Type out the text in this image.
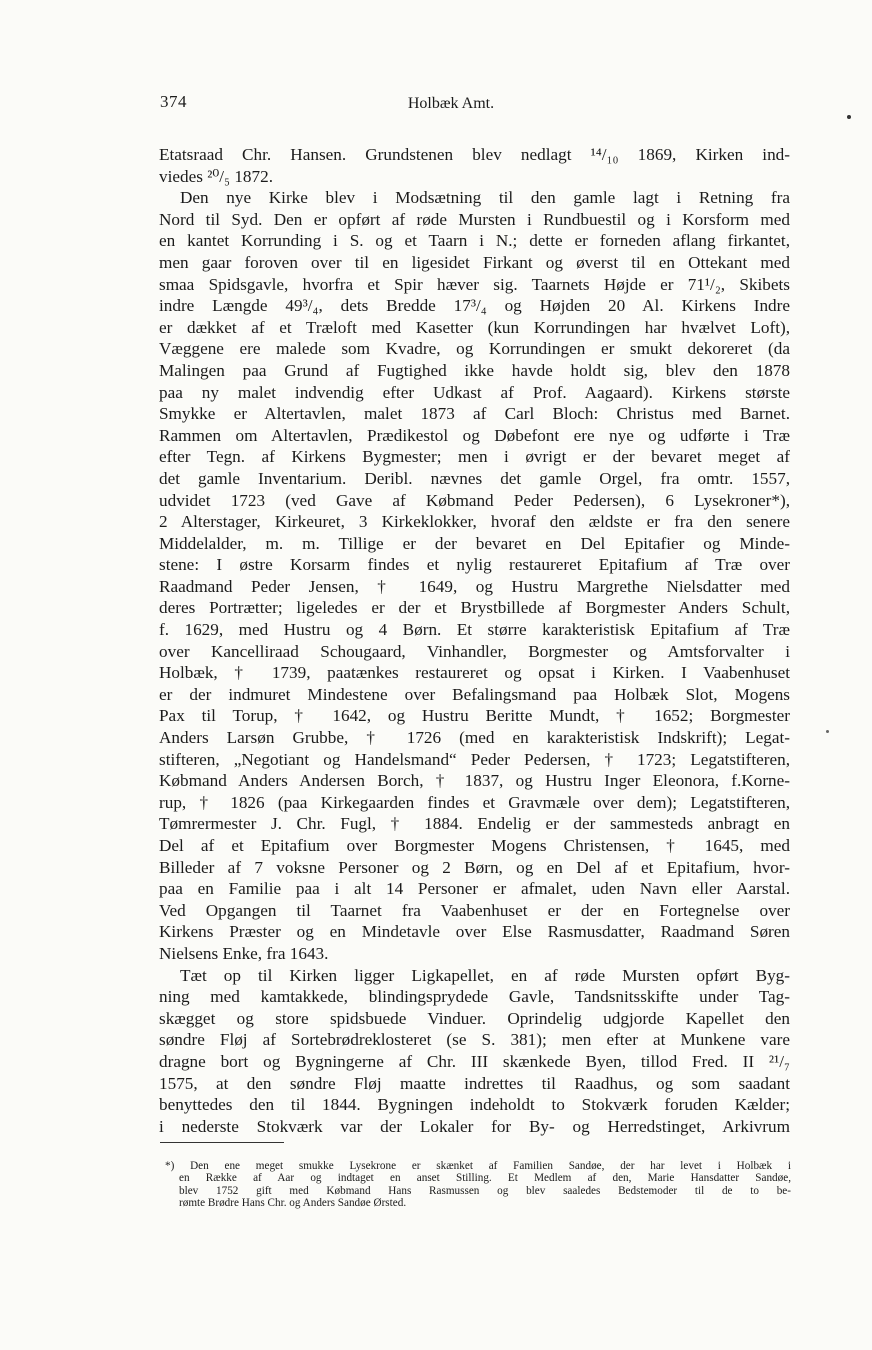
374	Holbæk Amt.
Etatsraad Chr. Hansen. Grundstenen blev nedlagt ¹⁴/₁₀ 1869, Kirken ind-
viedes ²⁰/₅ 1872.
Den nye Kirke blev i Modsætning til den gamle lagt i Retning fra
Nord til Syd. Den er opført af røde Mursten i Rundbuestil og i Korsform med
en kantet Korrunding i S. og et Taarn i N.; dette er forneden aflang firkantet,
men gaar foroven over til en ligesidet Firkant og øverst til en Ottekant med
smaa Spidsgavle, hvorfra et Spir hæver sig. Taarnets Højde er 71¹/₂, Skibets
indre Længde 49³/₄, dets Bredde 17³/₄ og Højden 20 Al. Kirkens Indre
er dækket af et Træloft med Kasetter (kun Korrundingen har hvælvet Loft),
Væggene ere malede som Kvadre, og Korrundingen er smukt dekoreret (da
Malingen paa Grund af Fugtighed ikke havde holdt sig, blev den 1878
paa ny malet indvendig efter Udkast af Prof. Aagaard). Kirkens største
Smykke er Altertavlen, malet 1873 af Carl Bloch: Christus med Barnet.
Rammen om Altertavlen, Prædikestol og Døbefont ere nye og udførte i Træ
efter Tegn. af Kirkens Bygmester; men i øvrigt er der bevaret meget af
det gamle Inventarium. Deribl. nævnes det gamle Orgel, fra omtr. 1557,
udvidet 1723 (ved Gave af Købmand Peder Pedersen), 6 Lysekroner*),
2 Alterstager, Kirkeuret, 3 Kirkeklokker, hvoraf den ældste er fra den senere
Middelalder, m. m. Tillige er der bevaret en Del Epitafier og Minde-
stene: I østre Korsarm findes et nylig restaureret Epitafium af Træ over
Raadmand Peder Jensen, † 1649, og Hustru Margrethe Nielsdatter med
deres Portrætter; ligeledes er der et Brystbillede af Borgmester Anders Schult,
f. 1629, med Hustru og 4 Børn. Et større karakteristisk Epitafium af Træ
over Kancelliraad Schougaard, Vinhandler, Borgmester og Amtsforvalter i
Holbæk, † 1739, paatænkes restaureret og opsat i Kirken. I Vaabenhuset
er der indmuret Mindestene over Befalingsmand paa Holbæk Slot, Mogens
Pax til Torup, † 1642, og Hustru Beritte Mundt, † 1652; Borgmester
Anders Larsøn Grubbe, † 1726 (med en karakteristisk Indskrift); Legat-
stifteren, „Negotiant og Handelsmand“ Peder Pedersen, † 1723; Legatstifteren,
Købmand Anders Andersen Borch, † 1837, og Hustru Inger Eleonora, f.Korne-
rup, † 1826 (paa Kirkegaarden findes et Gravmæle over dem); Legatstifteren,
Tømrermester J. Chr. Fugl, † 1884. Endelig er der sammesteds anbragt en
Del af et Epitafium over Borgmester Mogens Christensen, † 1645, med
Billeder af 7 voksne Personer og 2 Børn, og en Del af et Epitafium, hvor-
paa en Familie paa i alt 14 Personer er afmalet, uden Navn eller Aarstal.
Ved Opgangen til Taarnet fra Vaabenhuset er der en Fortegnelse over
Kirkens Præster og en Mindetavle over Else Rasmusdatter, Raadmand Søren
Nielsens Enke, fra 1643.
Tæt op til Kirken ligger Ligkapellet, en af røde Mursten opført Byg-
ning med kamtakkede, blindingsprydede Gavle, Tandsnitsskifte under Tag-
skægget og store spidsbuede Vinduer. Oprindelig udgjorde Kapellet den
søndre Fløj af Sortebrødreklosteret (se S. 381); men efter at Munkene vare
dragne bort og Bygningerne af Chr. III skænkede Byen, tillod Fred. II ²¹/₇
1575, at den søndre Fløj maatte indrettes til Raadhus, og som saadant
benyttedes den til 1844. Bygningen indeholdt to Stokværk foruden Kælder;
i nederste Stokværk var der Lokaler for By- og Herredstinget, Arkivrum
*) Den ene meget smukke Lysekrone er skænket af Familien Sandøe, der har levet i Holbæk i
en Række af Aar og indtaget en anset Stilling. Et Medlem af den, Marie Hansdatter Sandøe,
blev 1752 gift med Købmand Hans Rasmussen og blev saaledes Bedstemoder til de to be-
rømte Brødre Hans Chr. og Anders Sandøe Ørsted.
